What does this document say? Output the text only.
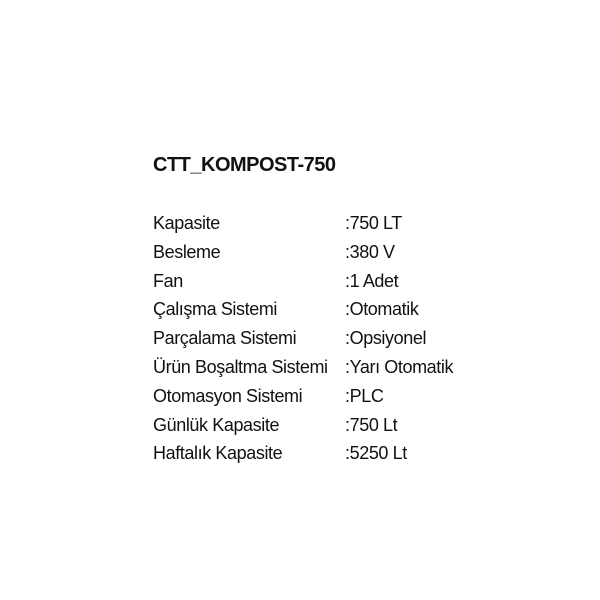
CTT_KOMPOST-750
Kapasite	:750 LT
Besleme	:380 V
Fan	:1 Adet
Çalışma Sistemi	:Otomatik
Parçalama Sistemi	:Opsiyonel
Ürün Boşaltma Sistemi :Yarı Otomatik
Otomasyon Sistemi	:PLC
Günlük Kapasite	:750 Lt
Haftalık Kapasite	:5250 Lt
